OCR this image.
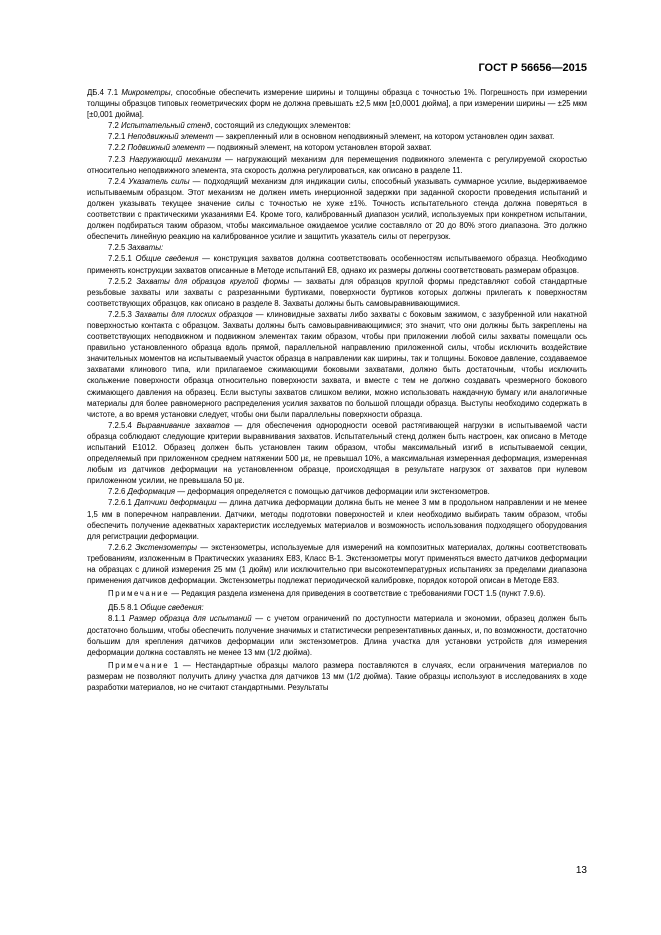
ГОСТ Р 56656—2015

ДБ.4 7.1 Микрометры, способные обеспечить измерение ширины и толщины образца с точностью 1%. Погрешность при измерении толщины образцов типовых геометрических форм не должна превышать ±2,5 мкм [±0,0001 дюйма], а при измерении ширины — ±25 мкм [±0,001 дюйма].

7.2 Испытательный стенд, состоящий из следующих элементов:

7.2.1 Неподвижный элемент — закрепленный или в основном неподвижный элемент, на котором установлен один захват.

7.2.2 Подвижный элемент — подвижный элемент, на котором установлен второй захват.

7.2.3 Нагружающий механизм — нагружающий механизм для перемещения подвижного элемента с регулируемой скоростью относительно неподвижного элемента, эта скорость должна регулироваться, как описано в разделе 11.

7.2.4 Указатель силы — подходящий механизм для индикации силы, способный указывать суммарное усилие, выдерживаемое испытываемым образцом. Этот механизм не должен иметь инерционной задержки при заданной скорости проведения испытаний и должен указывать текущее значение силы с точностью не хуже ±1%. Точность испытательного стенда должна поверяться в соответствии с практическими указаниями Е4. Кроме того, калиброванный диапазон усилий, используемых при конкретном испытании, должен подбираться таким образом, чтобы максимальное ожидаемое усилие составляло от 20 до 80% этого диапазона. Это должно обеспечить линейную реакцию на калиброванное усилие и защитить указатель силы от перегрузок.

7.2.5 Захваты:

7.2.5.1 Общие сведения — конструкция захватов должна соответствовать особенностям испытываемого образца. Необходимо применять конструкции захватов описанные в Методе испытаний Е8, однако их размеры должны соответствовать размерам образцов.

7.2.5.2 Захваты для образцов круглой формы — захваты для образцов круглой формы представляют собой стандартные резьбовые захваты или захваты с разрезанными буртиками, поверхности буртиков которых должны прилегать к поверхностям соответствующих образцов, как описано в разделе 8. Захваты должны быть самовыравнивающимися.

7.2.5.3 Захваты для плоских образцов — клиновидные захваты либо захваты с боковым зажимом, с зазубренной или накатной поверхностью контакта с образцом. Захваты должны быть самовыравнивающимися; это значит, что они должны быть закреплены на соответствующих неподвижном и подвижном элементах таким образом, чтобы при приложении любой силы захваты помещали ось правильно установленного образца вдоль прямой, параллельной направлению приложенной силы, чтобы исключить воздействие значительных моментов на испытываемый участок образца в направлении как ширины, так и толщины. Боковое давление, создаваемое захватами клинового типа, или прилагаемое сжимающими боковыми захватами, должно быть достаточным, чтобы исключить скольжение поверхности образца относительно поверхности захвата, и вместе с тем не должно создавать чрезмерного бокового сжимающего давления на образец. Если выступы захватов слишком велики, можно использовать наждачную бумагу или аналогичные материалы для более равномерного распределения усилия захватов по большой площади образца. Выступы необходимо содержать в чистоте, а во время установки следует, чтобы они были параллельны поверхности образца.

7.2.5.4 Выравнивание захватов — для обеспечения однородности осевой растягивающей нагрузки в испытываемой части образца соблюдают следующие критерии выравнивания захватов. Испытательный стенд должен быть настроен, как описано в Методе испытаний Е1012. Образец должен быть установлен таким образом, чтобы максимальный изгиб в испытываемой секции, определяемый при приложенном среднем натяжении 500 με, не превышал 10%, а максимальная измеренная деформация, измеренная любым из датчиков деформации на установленном образце, происходящая в результате нагрузок от захватов при нулевом приложенном усилии, не превышала 50 με.

7.2.6 Деформация — деформация определяется с помощью датчиков деформации или экстензометров.

7.2.6.1 Датчики деформации — длина датчика деформации должна быть не менее 3 мм в продольном направлении и не менее 1,5 мм в поперечном направлении. Датчики, методы подготовки поверхностей и клеи необходимо выбирать таким образом, чтобы обеспечить получение адекватных характеристик исследуемых материалов и возможность использования подходящего оборудования для регистрации деформации.

7.2.6.2 Экстензометры — экстензометры, используемые для измерений на композитных материалах, должны соответствовать требованиям, изложенным в Практических указаниях Е83, Класс В-1. Экстензометры могут применяться вместо датчиков деформации на образцах с длиной измерения 25 мм (1 дюйм) или исключительно при высокотемпературных испытаниях за пределами диапазона применения датчиков деформации. Экстензометры подлежат периодической калибровке, порядок которой описан в Методе Е83.

Примечание — Редакция раздела изменена для приведения в соответствие с требованиями ГОСТ 1.5 (пункт 7.9.6).

ДБ.5 8.1 Общие сведения:

8.1.1 Размер образца для испытаний — с учетом ограничений по доступности материала и экономии, образец должен быть достаточно большим, чтобы обеспечить получение значимых и статистически репрезентативных данных, и, по возможности, достаточно большим для крепления датчиков деформации или экстензометров. Длина участка для установки устройств для измерения деформации должна составлять не менее 13 мм (1/2 дюйма).

Примечание 1 — Нестандартные образцы малого размера поставляются в случаях, если ограничения материалов по размерам не позволяют получить длину участка для датчиков 13 мм (1/2 дюйма). Такие образцы используют в исследованиях в ходе разработки материалов, но не считают стандартными. Результаты

13
